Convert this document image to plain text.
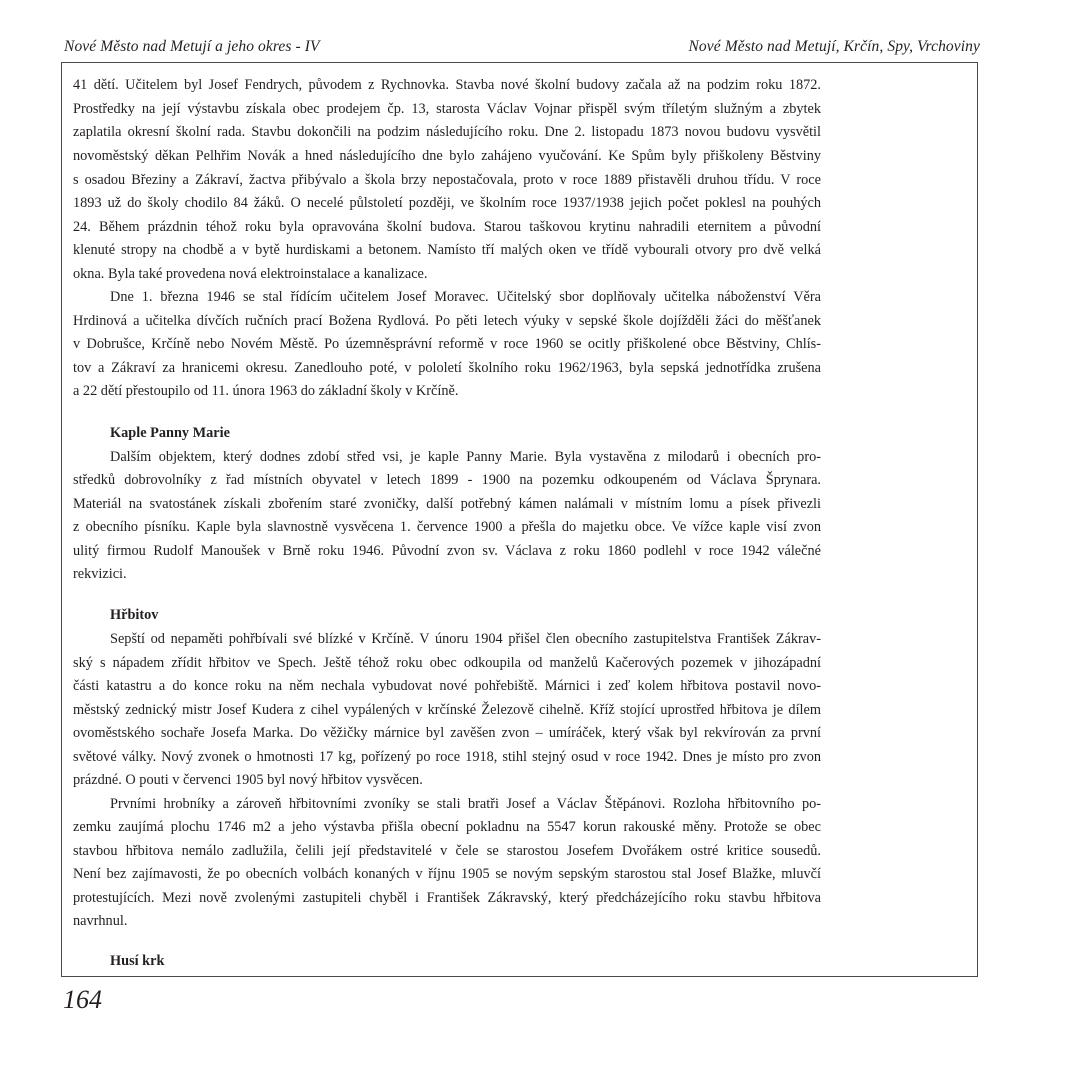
Nové Město nad Metují a jeho okres - IV	Nové Město nad Metují, Krčín, Spy, Vrchoviny
41 dětí. Učitelem byl Josef Fendrych, původem z Rychnovka. Stavba nové školní budovy začala až na podzim roku 1872.
Prostředky na její výstavbu získala obec prodejem čp. 13, starosta Václav Vojnar přispěl svým tříletým služným a zbytek
zaplatila okresní školní rada. Stavbu dokončili na podzim následujícího roku. Dne 2. listopadu 1873 novou budovu vysvětil
novoměstský děkan Pelhřim Novák a hned následujícího dne bylo zahájeno vyučování. Ke Spům byly přiškoleny Běstviny
s osadou Březiny a Zákraví, žactva přibývalo a škola brzy nepostačovala, proto v roce 1889 přistavěli druhou třídu. V roce
1893 už do školy chodilo 84 žáků. O necelé půlstoletí později, ve školním roce 1937/1938 jejich počet poklesl na pouhých
24. Během prázdnin téhož roku byla opravována školní budova. Starou taškovou krytinu nahradili eternitem a původní
klenuté stropy na chodbě a v bytě hurdiskami a betonem. Namísto tří malých oken ve třídě vybourali otvory pro dvě velká
okna. Byla také provedena nová elektroinstalace a kanalizace.
Dne 1. března 1946 se stal řídícím učitelem Josef Moravec. Učitelský sbor doplňovaly učitelka náboženství Věra
Hrdinová a učitelka dívčích ručních prací Božena Rydlová. Po pěti letech výuky v sepské škole dojížděli žáci do měšťanek
v Dobrušce, Krčíně nebo Novém Městě. Po územněsprávní reformě v roce 1960 se ocitly přiškolené obce Běstviny, Chlís-
tov a Zákraví za hranicemi okresu. Zanedlouho poté, v pololetí školního roku 1962/1963, byla sepská jednotřídka zrušena
a 22 dětí přestoupilo od 11. února 1963 do základní školy v Krčíně.
Kaple Panny Marie
Dalším objektem, který dodnes zdobí střed vsi, je kaple Panny Marie. Byla vystavěna z milodarů i obecních pro-
středků dobrovolníky z řad místních obyvatel v letech 1899 - 1900 na pozemku odkoupeném od Václava Šprynara.
Materiál na svatostánek získali zbořením staré zvoničky, další potřebný kámen nalámali v místním lomu a písek přivezli
z obecního písníku. Kaple byla slavnostně vysvěcena 1. července 1900 a přešla do majetku obce. Ve vížce kaple visí zvon
ulitý firmou Rudolf Manoušek v Brně roku 1946. Původní zvon sv. Václava z roku 1860 podlehl v roce 1942 válečné
rekvizici.
Hřbitov
Sepští od nepaměti pohřbívali své blízké v Krčíně. V únoru 1904 přišel člen obecního zastupitelstva František Zákrav-
ský s nápadem zřídit hřbitov ve Spech. Ještě téhož roku obec odkoupila od manželů Kačerových pozemek v jihozápadní
části katastru a do konce roku na něm nechala vybudovat nové pohřebiště. Márnici i zeď kolem hřbitova postavil novo-
městský zednický mistr Josef Kudera z cihel vypálených v krčínské Železově cihelně. Kříž stojící uprostřed hřbitova je dílem
ovoměstského sochaře Josefa Marka. Do věžičky márnice byl zavěšen zvon – umíráček, který však byl rekvírován za první
světové války. Nový zvonek o hmotnosti 17 kg, pořízený po roce 1918, stihl stejný osud v roce 1942. Dnes je místo pro zvon
prázdné. O pouti v červenci 1905 byl nový hřbitov vysvěcen.
Prvními hrobníky a zároveň hřbitovními zvoníky se stali bratři Josef a Václav Štěpánovi. Rozloha hřbitovního po-
zemku zaujímá plochu 1746 m2 a jeho výstavba přišla obecní pokladnu na 5547 korun rakouské měny. Protože se obec
stavbou hřbitova nemálo zadlužila, čelili její představitelé v čele se starostou Josefem Dvořákem ostré kritice sousedů.
Není bez zajímavosti, že po obecních volbách konaných v říjnu 1905 se novým sepským starostou stal Josef Blažke, mluvčí
protestujících. Mezi nově zvolenými zastupiteli chyběl i František Zákravský, který předcházejícího roku stavbu hřbitova
navrhnul.
Husí krk
164
